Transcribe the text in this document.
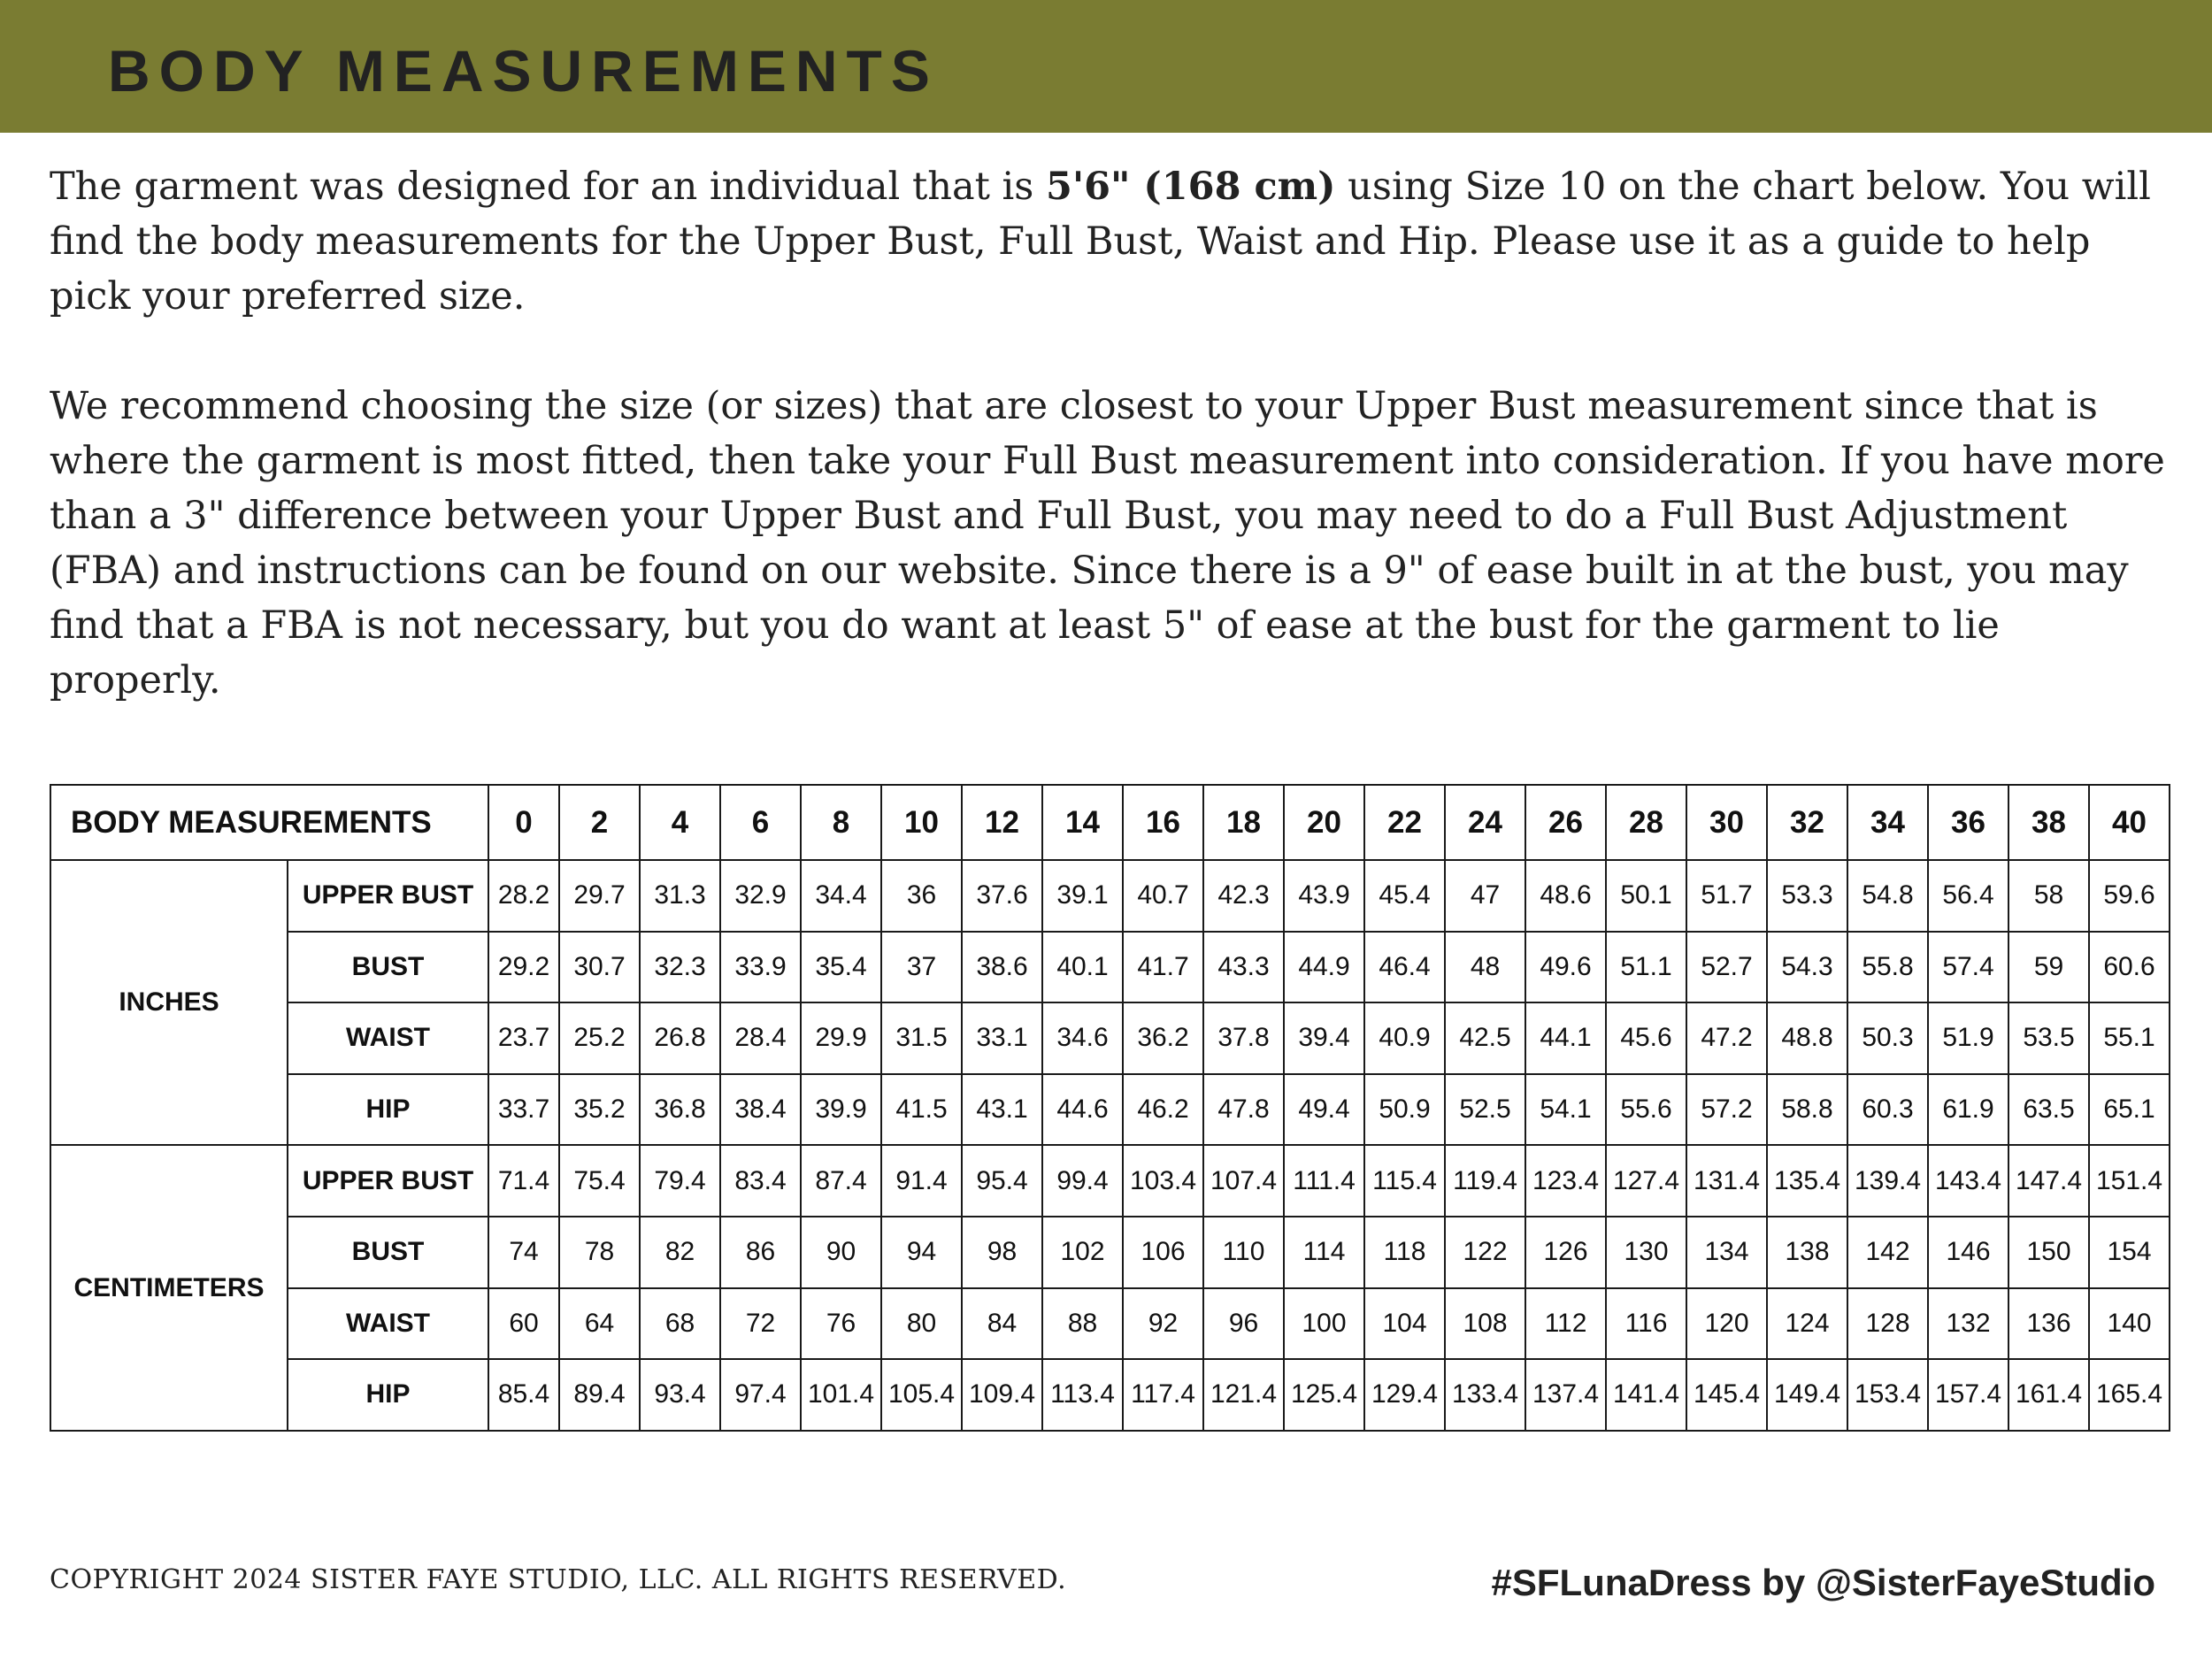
BODY MEASUREMENTS

The garment was designed for an individual that is 5'6" (168 cm) using Size 10 on the chart below. You will find the body measurements for the Upper Bust, Full Bust, Waist and Hip. Please use it as a guide to help pick your preferred size.

We recommend choosing the size (or sizes) that are closest to your Upper Bust measurement since that is where the garment is most fitted, then take your Full Bust measurement into consideration. If you have more than a 3" difference between your Upper Bust and Full Bust, you may need to do a Full Bust Adjustment (FBA) and instructions can be found on our website. Since there is a 9" of ease built in at the bust, you may find that a FBA is not necessary, but you do want at least 5" of ease at the bust for the garment to lie properly.

BODY MEASUREMENTS		0	2	4	6	8	10	12	14	16	18	20	22	24	26	28	30	32	34	36	38	40
INCHES	UPPER BUST	28.2	29.7	31.3	32.9	34.4	36	37.6	39.1	40.7	42.3	43.9	45.4	47	48.6	50.1	51.7	53.3	54.8	56.4	58	59.6
	BUST	29.2	30.7	32.3	33.9	35.4	37	38.6	40.1	41.7	43.3	44.9	46.4	48	49.6	51.1	52.7	54.3	55.8	57.4	59	60.6
	WAIST	23.7	25.2	26.8	28.4	29.9	31.5	33.1	34.6	36.2	37.8	39.4	40.9	42.5	44.1	45.6	47.2	48.8	50.3	51.9	53.5	55.1
	HIP	33.7	35.2	36.8	38.4	39.9	41.5	43.1	44.6	46.2	47.8	49.4	50.9	52.5	54.1	55.6	57.2	58.8	60.3	61.9	63.5	65.1
CENTIMETERS	UPPER BUST	71.4	75.4	79.4	83.4	87.4	91.4	95.4	99.4	103.4	107.4	111.4	115.4	119.4	123.4	127.4	131.4	135.4	139.4	143.4	147.4	151.4
	BUST	74	78	82	86	90	94	98	102	106	110	114	118	122	126	130	134	138	142	146	150	154
	WAIST	60	64	68	72	76	80	84	88	92	96	100	104	108	112	116	120	124	128	132	136	140
	HIP	85.4	89.4	93.4	97.4	101.4	105.4	109.4	113.4	117.4	121.4	125.4	129.4	133.4	137.4	141.4	145.4	149.4	153.4	157.4	161.4	165.4
COPYRIGHT 2024 SISTER FAYE STUDIO, LLC. ALL RIGHTS RESERVED.	#SFLunaDress by @SisterFayeStudio
